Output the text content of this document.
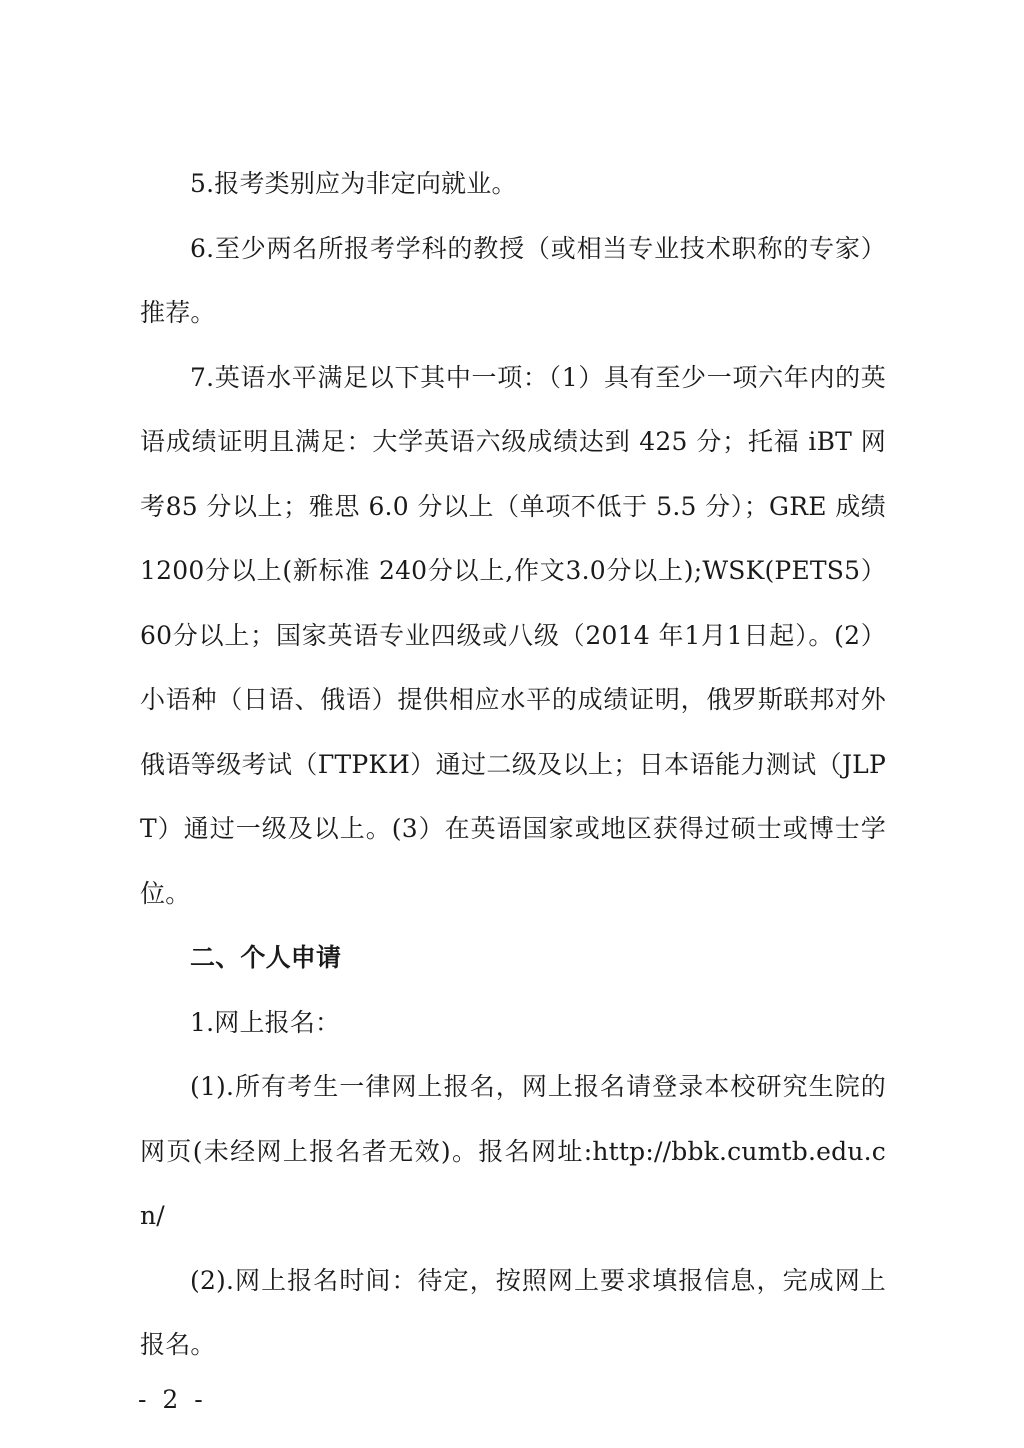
5.报考类别应为非定向就业。

6.至少两名所报考学科的教授（或相当专业技术职称的专家）推荐。

7.英语水平满足以下其中一项：（1）具有至少一项六年内的英语成绩证明且满足：大学英语六级成绩达到 425 分；托福 iBT 网考85 分以上；雅思 6.0 分以上（单项不低于 5.5 分）；GRE 成绩 1200分以上(新标准 240分以上,作文3.0分以上);WSK(PETS5）60分以上；国家英语专业四级或八级（2014 年1月1日起）。(2）小语种（日语、俄语）提供相应水平的成绩证明，俄罗斯联邦对外俄语等级考试（ГТРКИ）通过二级及以上；日本语能力测试（JLPT）通过一级及以上。(3）在英语国家或地区获得过硕士或博士学位。

二、个人申请

1.网上报名：

(1).所有考生一律网上报名，网上报名请登录本校研究生院的网页(未经网上报名者无效)。报名网址:http://bbk.cumtb.edu.cn/

(2).网上报名时间：待定，按照网上要求填报信息，完成网上报名。

- 2 -
